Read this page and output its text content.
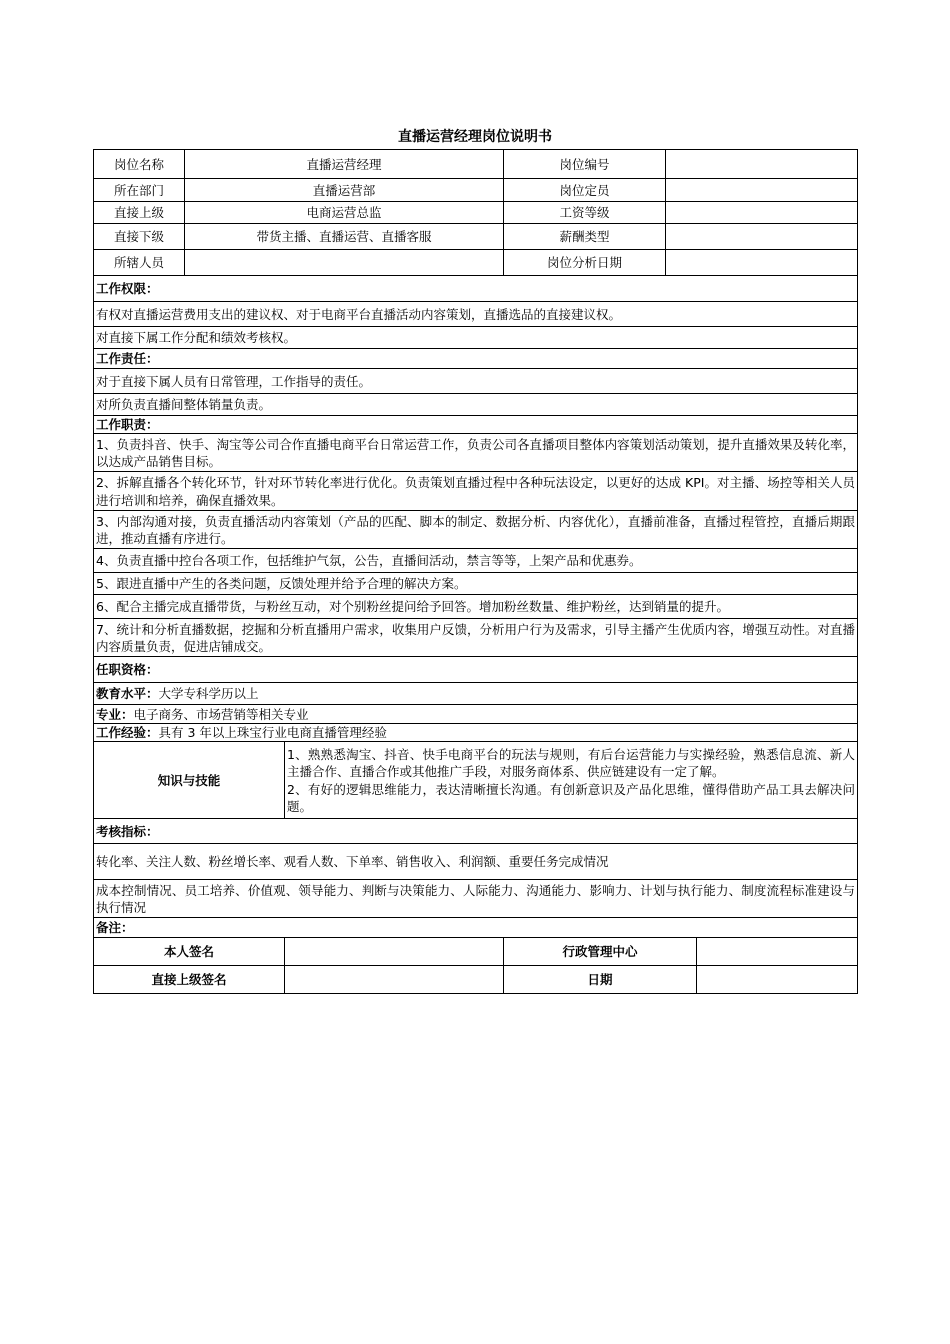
直播运营经理岗位说明书
岗位名称	直播运营经理		岗位编号		
所在部门	直播运营部		岗位定员		
直接上级	电商运营总监		工资等级		
直接下级	带货主播、直播运营、直播客服		薪酬类型		
所辖人员			岗位分析日期		
工作权限：					
有权对直播运营费用支出的建议权、对于电商平台直播活动内容策划，直播选品的直接建议权。					
对直接下属工作分配和绩效考核权。					
工作责任：					
对于直接下属人员有日常管理，工作指导的责任。					
对所负责直播间整体销量负责。					
工作职责：					
1、负责抖音、快手、淘宝等公司合作直播电商平台日常运营工作，负责公司各直播项目整体内容策划活动策划，提升直播效果及转化率，以达成产品销售目标。					
2、拆解直播各个转化环节，针对环节转化率进行优化。负责策划直播过程中各种玩法设定，以更好的达成 KPI。对主播、场控等相关人员进行培训和培养，确保直播效果。					
3、内部沟通对接，负责直播活动内容策划（产品的匹配、脚本的制定、数据分析、内容优化），直播前准备，直播过程管控，直播后期跟进，推动直播有序进行。					
4、负责直播中控台各项工作，包括维护气氛，公告，直播间活动，禁言等等，上架产品和优惠券。					
5、跟进直播中产生的各类问题，反馈处理并给予合理的解决方案。					
6、配合主播完成直播带货，与粉丝互动，对个别粉丝提问给予回答。增加粉丝数量、维护粉丝，达到销量的提升。					
7、统计和分析直播数据，挖掘和分析直播用户需求，收集用户反馈，分析用户行为及需求，引导主播产生优质内容，增强互动性。对直播内容质量负责，促进店铺成交。					
任职资格：					
教育水平：大学专科学历以上					
专业：电子商务、市场营销等相关专业					
工作经验：具有 3 年以上珠宝行业电商直播管理经验					
知识与技能		1、熟熟悉淘宝、抖音、快手电商平台的玩法与规则，有后台运营能力与实操经验，熟悉信息流、新人主播合作、直播合作或其他推广手段，对服务商体系、供应链建设有一定了解。
2、有好的逻辑思维能力，表达清晰擅长沟通。有创新意识及产品化思维，懂得借助产品工具去解决问题。			

考核指标：					
转化率、关注人数、粉丝增长率、观看人数、下单率、销售收入、利润额、重要任务完成情况					
成本控制情况、员工培养、价值观、领导能力、判断与决策能力、人际能力、沟通能力、影响力、计划与执行能力、制度流程标准建设与执行情况					
备注：					
本人签名			行政管理中心		
直接上级签名			日期		
